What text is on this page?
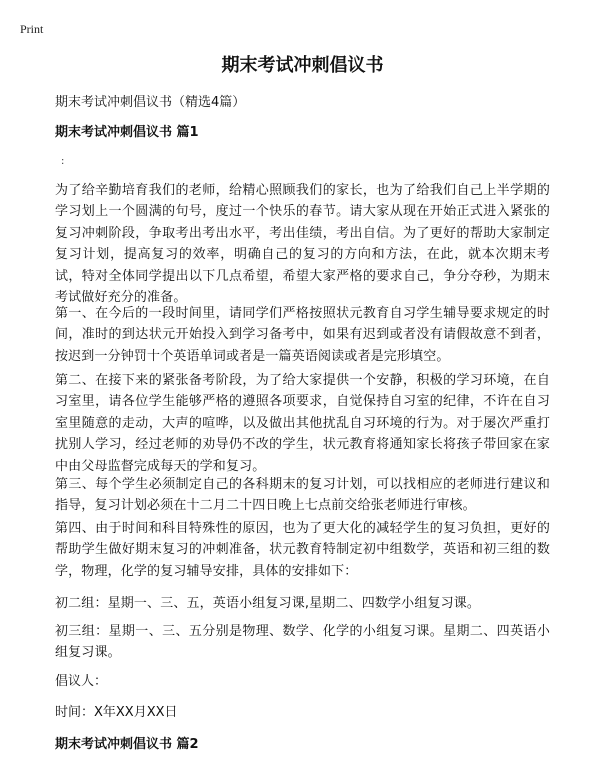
Print
期末考试冲刺倡议书

期末考试冲刺倡议书（精选4篇）

期末考试冲刺倡议书 篇1

:

为了给辛勤培育我们的老师，给精心照顾我们的家长，也为了给我们自己上半学期的学习划上一个圆满的句号，度过一个快乐的春节。请大家从现在开始正式进入紧张的复习冲刺阶段，争取考出考出水平，考出佳绩，考出自信。为了更好的帮助大家制定复习计划，提高复习的效率，明确自己的复习的方向和方法，在此，就本次期末考试，特对全体同学提出以下几点希望，希望大家严格的要求自己，争分夺秒，为期末考试做好充分的准备。

第一、在今后的一段时间里，请同学们严格按照状元教育自习学生辅导要求规定的时间，准时的到达状元开始投入到学习备考中，如果有迟到或者没有请假故意不到者，按迟到一分钟罚十个英语单词或者是一篇英语阅读或者是完形填空。

第二、在接下来的紧张备考阶段，为了给大家提供一个安静，积极的学习环境，在自习室里，请各位学生能够严格的遵照各项要求，自觉保持自习室的纪律，不许在自习室里随意的走动，大声的喧哗，以及做出其他扰乱自习环境的行为。对于屡次严重打扰别人学习，经过老师的劝导仍不改的学生，状元教育将通知家长将孩子带回家在家中由父母监督完成每天的学和复习。

第三、每个学生必须制定自己的各科期末的复习计划，可以找相应的老师进行建议和指导，复习计划必须在十二月二十四日晚上七点前交给张老师进行审核。

第四、由于时间和科目特殊性的原因，也为了更大化的减轻学生的复习负担，更好的帮助学生做好期末复习的冲刺准备，状元教育特制定初中组数学，英语和初三组的数学，物理，化学的复习辅导安排，具体的安排如下：

初二组：星期一、三、五，英语小组复习课,星期二、四数学小组复习课。

初三组：星期一、三、五分别是物理、数学、化学的小组复习课。星期二、四英语小组复习课。

倡议人：

时间：X年XX月XX日

期末考试冲刺倡议书 篇2
